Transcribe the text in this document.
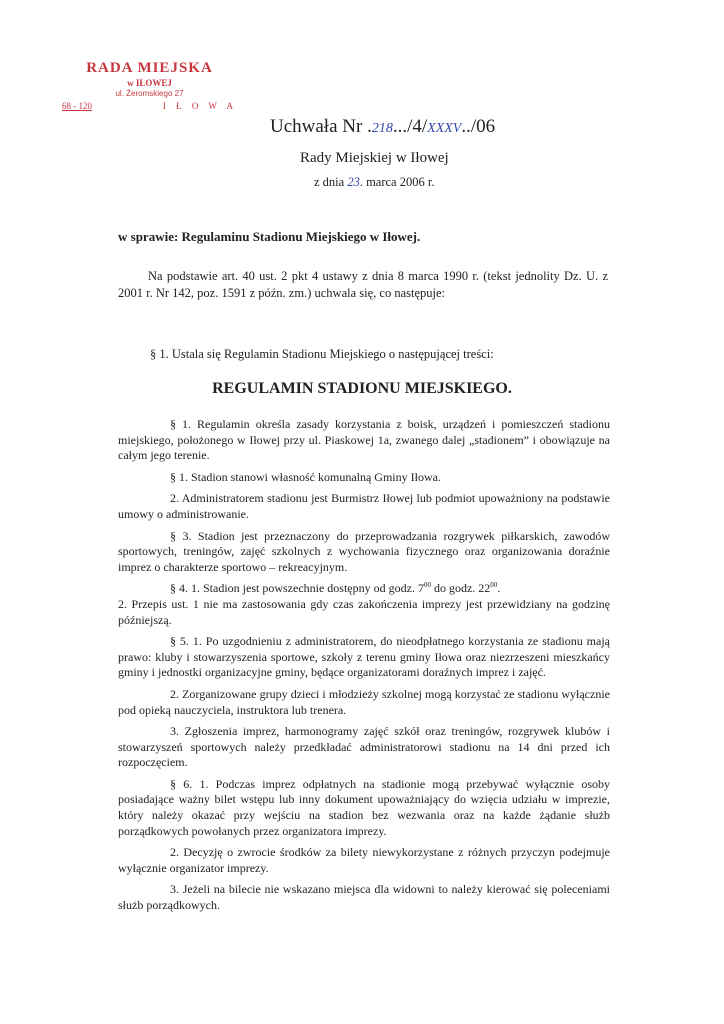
RADA MIEJSKA
w IŁOWEJ
ul. Żeromskiego 27
68 - 120	I Ł O W A
Uchwała Nr .218.../4/XXXV../06
Rady Miejskiej w Iłowej
z dnia 23. marca 2006 r.
w sprawie: Regulaminu Stadionu Miejskiego w Iłowej.
Na podstawie art. 40 ust. 2 pkt 4 ustawy z dnia 8 marca 1990 r. (tekst jednolity Dz. U. z 2001 r. Nr 142, poz. 1591 z późn. zm.) uchwala się, co następuje:
§ 1. Ustala się Regulamin Stadionu Miejskiego o następującej treści:
REGULAMIN STADIONU MIEJSKIEGO.

§ 1. Regulamin określa zasady korzystania z boisk, urządzeń i pomieszczeń stadionu miejskiego, położonego w Iłowej przy ul. Piaskowej 1a, zwanego dalej „stadionem” i obowiązuje na całym jego terenie.

§ 1. Stadion stanowi własność komunalną Gminy Iłowa.

2. Administratorem stadionu jest Burmistrz Iłowej lub podmiot upoważniony na podstawie umowy o administrowanie.

§ 3. Stadion jest przeznaczony do przeprowadzania rozgrywek piłkarskich, zawodów sportowych, treningów, zajęć szkolnych z wychowania fizycznego oraz organizowania doraźnie imprez o charakterze sportowo – rekreacyjnym.

§ 4. 1. Stadion jest powszechnie dostępny od godz. $7^{00}$ do godz. $22^{00}$.

2. Przepis ust. 1 nie ma zastosowania gdy czas zakończenia imprezy jest przewidziany na godzinę późniejszą.

§ 5. 1. Po uzgodnieniu z administratorem, do nieodpłatnego korzystania ze stadionu mają prawo: kluby i stowarzyszenia sportowe, szkoły z terenu gminy Iłowa oraz niezrzeszeni mieszkańcy gminy i jednostki organizacyjne gminy, będące organizatorami doraźnych imprez i zajęć.

2. Zorganizowane grupy dzieci i młodzieży szkolnej mogą korzystać ze stadionu wyłącznie pod opieką nauczyciela, instruktora lub trenera.

3. Zgłoszenia imprez, harmonogramy zajęć szkół oraz treningów, rozgrywek klubów i stowarzyszeń sportowych należy przedkładać administratorowi stadionu na 14 dni przed ich rozpoczęciem.

§ 6. 1. Podczas imprez odpłatnych na stadionie mogą przebywać wyłącznie osoby posiadające ważny bilet wstępu lub inny dokument upoważniający do wzięcia udziału w imprezie, który należy okazać przy wejściu na stadion bez wezwania oraz na każde żądanie służb porządkowych powołanych przez organizatora imprezy.

2. Decyzję o zwrocie środków za bilety niewykorzystane z różnych przyczyn podejmuje wyłącznie organizator imprezy.

3. Jeżeli na bilecie nie wskazano miejsca dla widowni to należy kierować się poleceniami służb porządkowych.
